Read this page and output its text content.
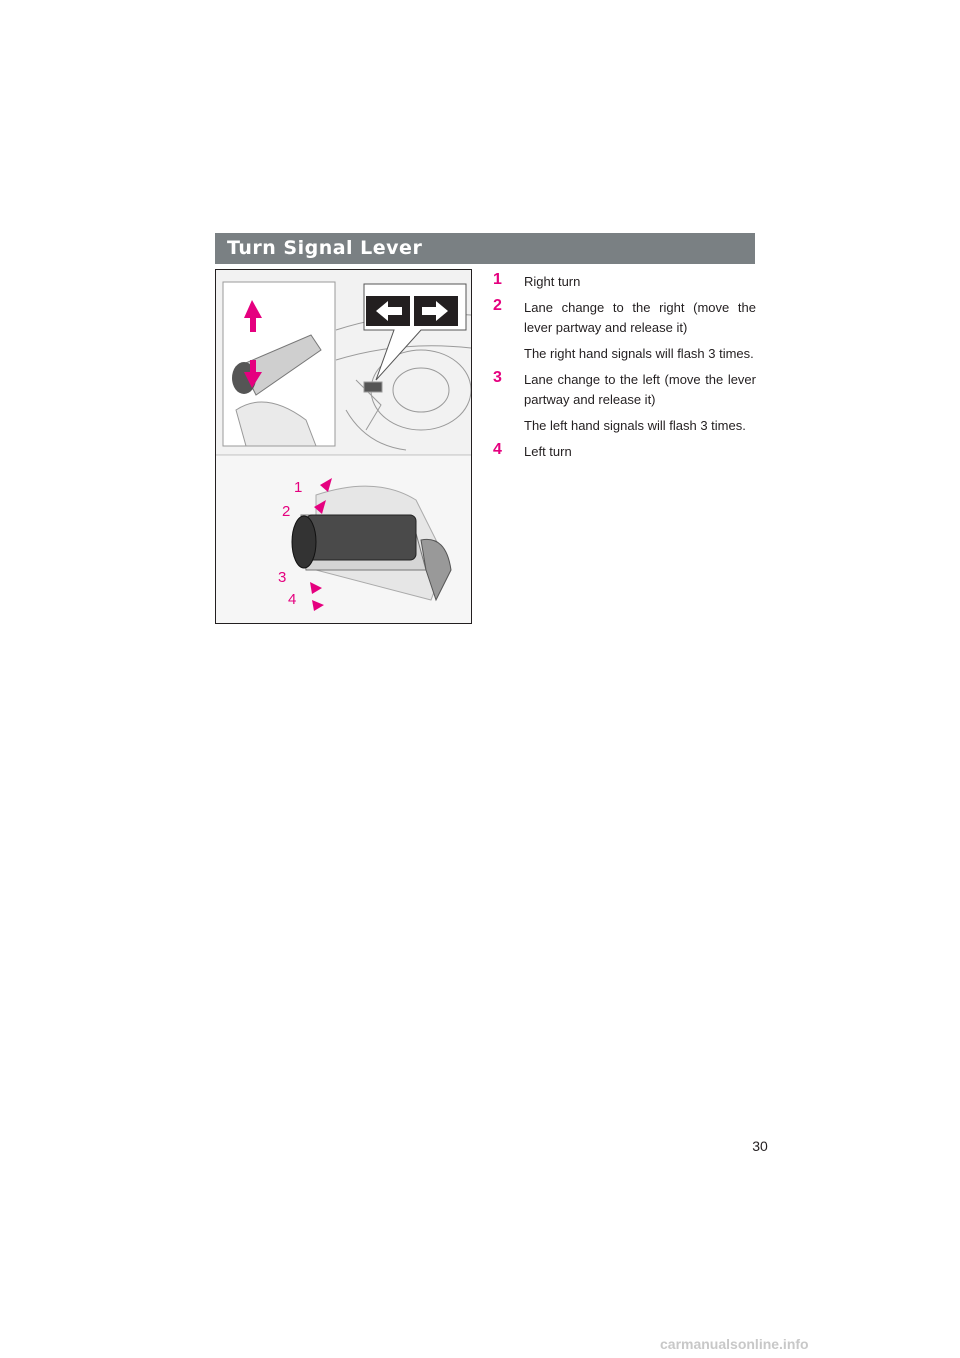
Turn Signal Lever
1
2
3
4
1 Right turn
2 Lane change to the right (move the lever partway and release it)
The right hand signals will flash 3 times.
3 Lane change to the left (move the lever partway and release it)
The left hand signals will flash 3 times.
4 Left turn
30
carmanualsonline.info
